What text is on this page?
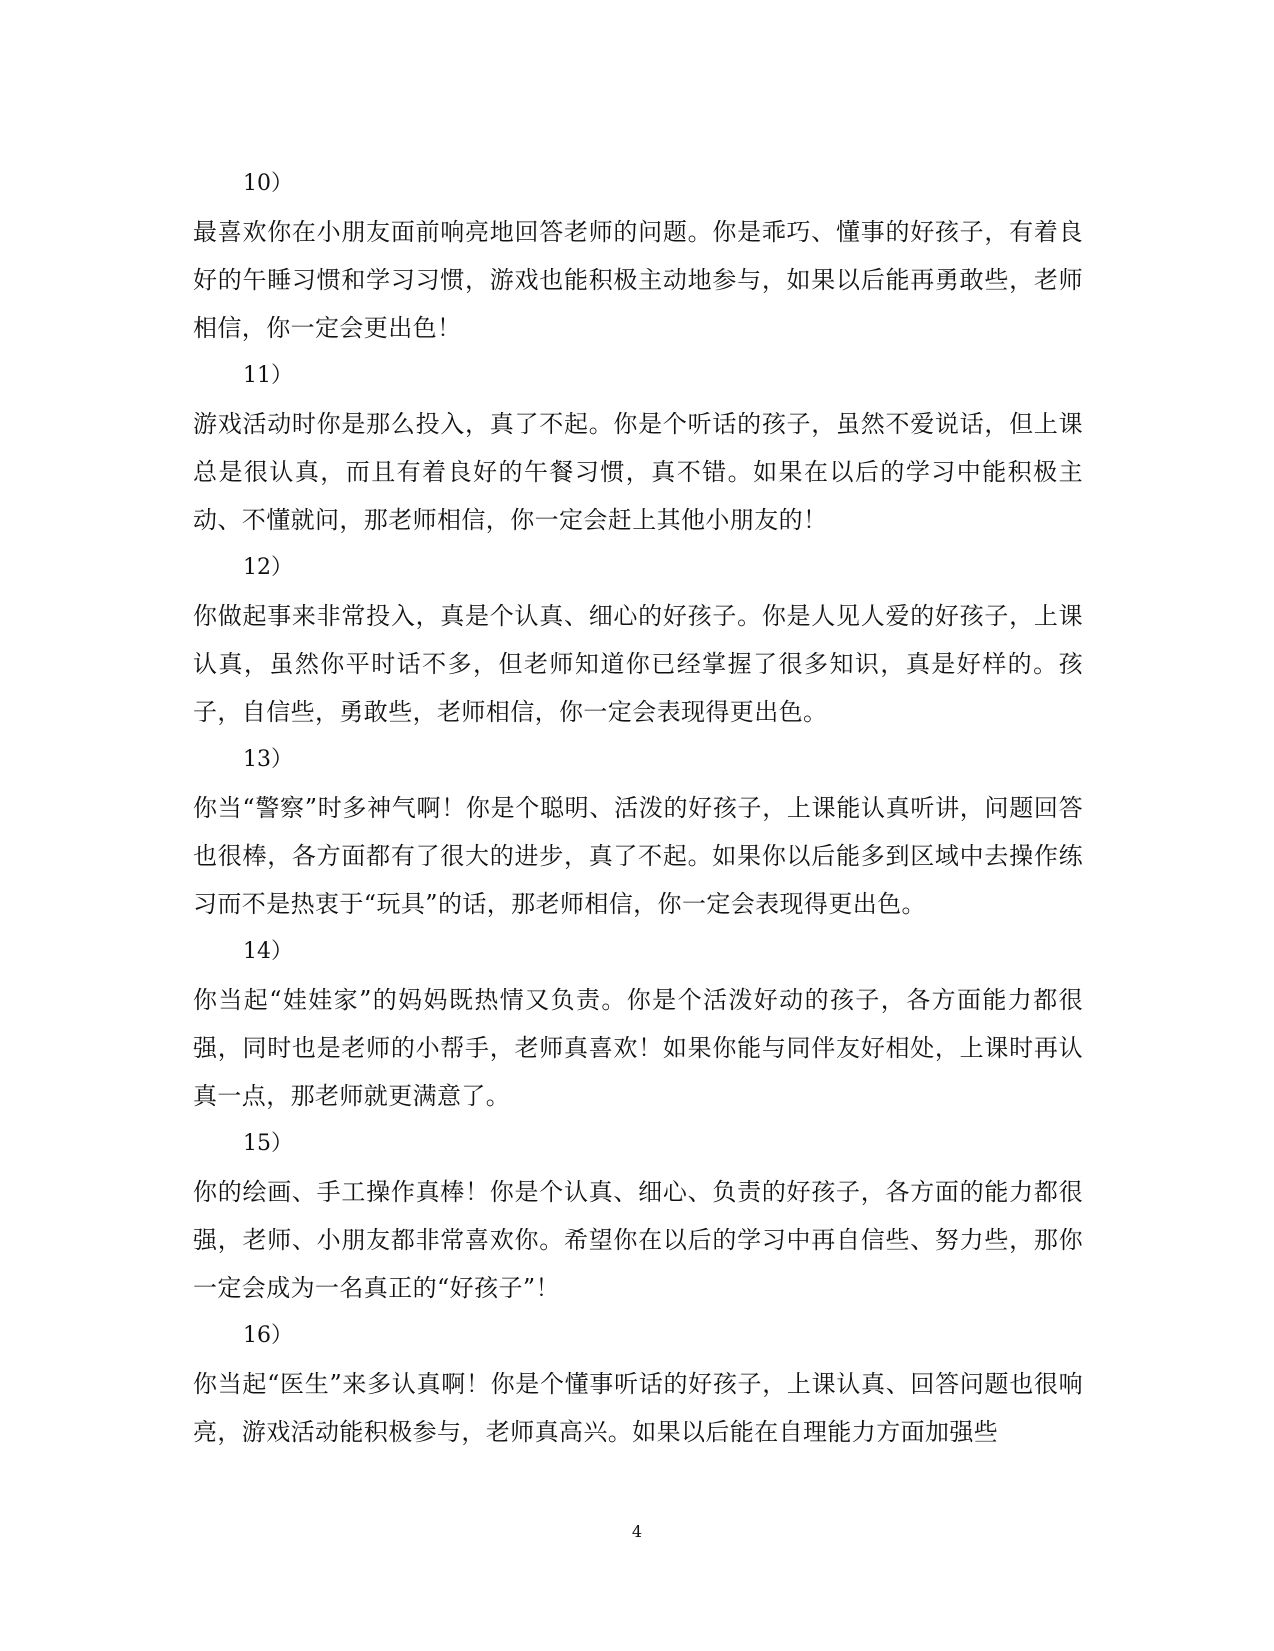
10）

最喜欢你在小朋友面前响亮地回答老师的问题。你是乖巧、懂事的好孩子，有着良好的午睡习惯和学习习惯，游戏也能积极主动地参与，如果以后能再勇敢些，老师相信，你一定会更出色！

11）

游戏活动时你是那么投入，真了不起。你是个听话的孩子，虽然不爱说话，但上课总是很认真，而且有着良好的午餐习惯，真不错。如果在以后的学习中能积极主动、不懂就问，那老师相信，你一定会赶上其他小朋友的！

12）

你做起事来非常投入，真是个认真、细心的好孩子。你是人见人爱的好孩子，上课认真，虽然你平时话不多，但老师知道你已经掌握了很多知识，真是好样的。孩子，自信些，勇敢些，老师相信，你一定会表现得更出色。

13）

你当“警察”时多神气啊！你是个聪明、活泼的好孩子，上课能认真听讲，问题回答也很棒，各方面都有了很大的进步，真了不起。如果你以后能多到区域中去操作练习而不是热衷于“玩具”的话，那老师相信，你一定会表现得更出色。

14）

你当起“娃娃家”的妈妈既热情又负责。你是个活泼好动的孩子，各方面能力都很强，同时也是老师的小帮手，老师真喜欢！如果你能与同伴友好相处，上课时再认真一点，那老师就更满意了。

15）

你的绘画、手工操作真棒！你是个认真、细心、负责的好孩子，各方面的能力都很强，老师、小朋友都非常喜欢你。希望你在以后的学习中再自信些、努力些，那你一定会成为一名真正的“好孩子”！

16）

你当起“医生”来多认真啊！你是个懂事听话的好孩子，上课认真、回答问题也很响亮，游戏活动能积极参与，老师真高兴。如果以后能在自理能力方面加强些

4
